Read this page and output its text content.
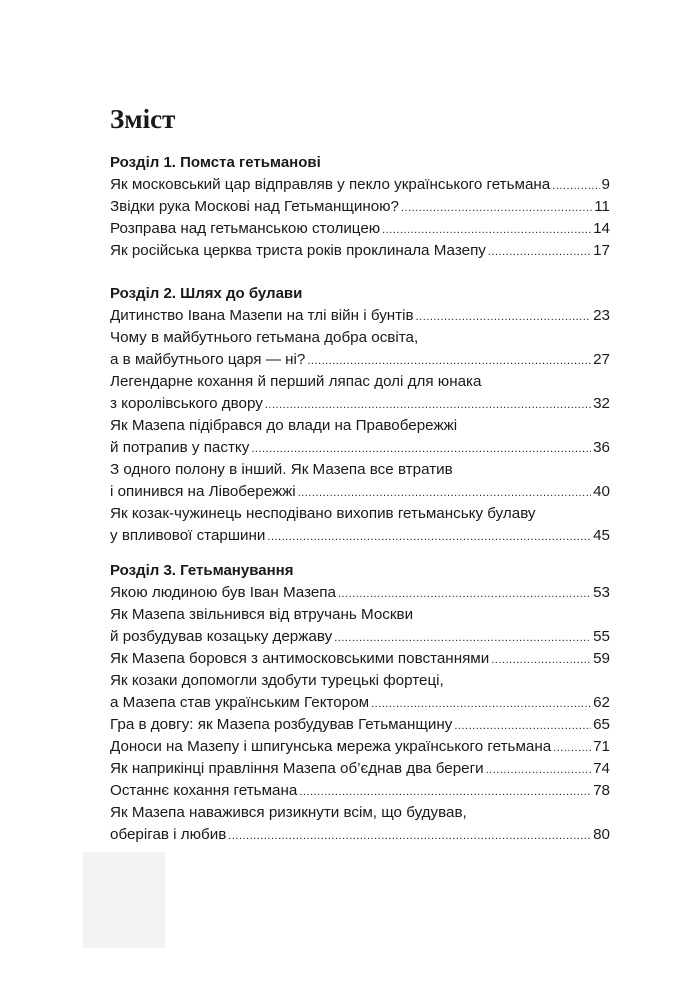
Зміст
Розділ 1. Помста гетьманові
Як московський цар відправляв у пекло українського гетьмана .....	9
Звідки рука Москові над Гетьманщиною? .....	11
Розправа над гетьманською столицею .....	14
Як російська церква триста років проклинала Мазепу .....	17
Розділ 2. Шлях до булави
Дитинство Івана Мазепи на тлі війн і бунтів .....	23
Чому в майбутнього гетьмана добра освіта,
а в майбутнього царя — ні? .....	27
Легендарне кохання й перший ляпас долі для юнака
з королівського двору .....	32
Як Мазепа підібрався до влади на Правобережжі
й потрапив у пастку .....	36
З одного полону в інший. Як Мазепа все втратив
і опинився на Лівобережжі .....	40
Як козак-чужинець несподівано вихопив гетьманську булаву
у впливової старшини .....	45
Розділ 3. Гетьманування
Якою людиною був Іван Мазепа .....	53
Як Мазепа звільнився від втручань Москви
й розбудував козацьку державу .....	55
Як Мазепа боровся з антимосковськими повстаннями .....	59
Як козаки допомогли здобути турецькі фортеці,
а Мазепа став українським Гектором .....	62
Гра в довгу: як Мазепа розбудував Гетьманщину .....	65
Доноси на Мазепу і шпигунська мережа українського гетьмана .....	71
Як наприкінці правління Мазепа об’єднав два береги .....	74
Останнє кохання гетьмана .....	78
Як Мазепа наважився ризикнути всім, що будував,
оберігав і любив .....	80
